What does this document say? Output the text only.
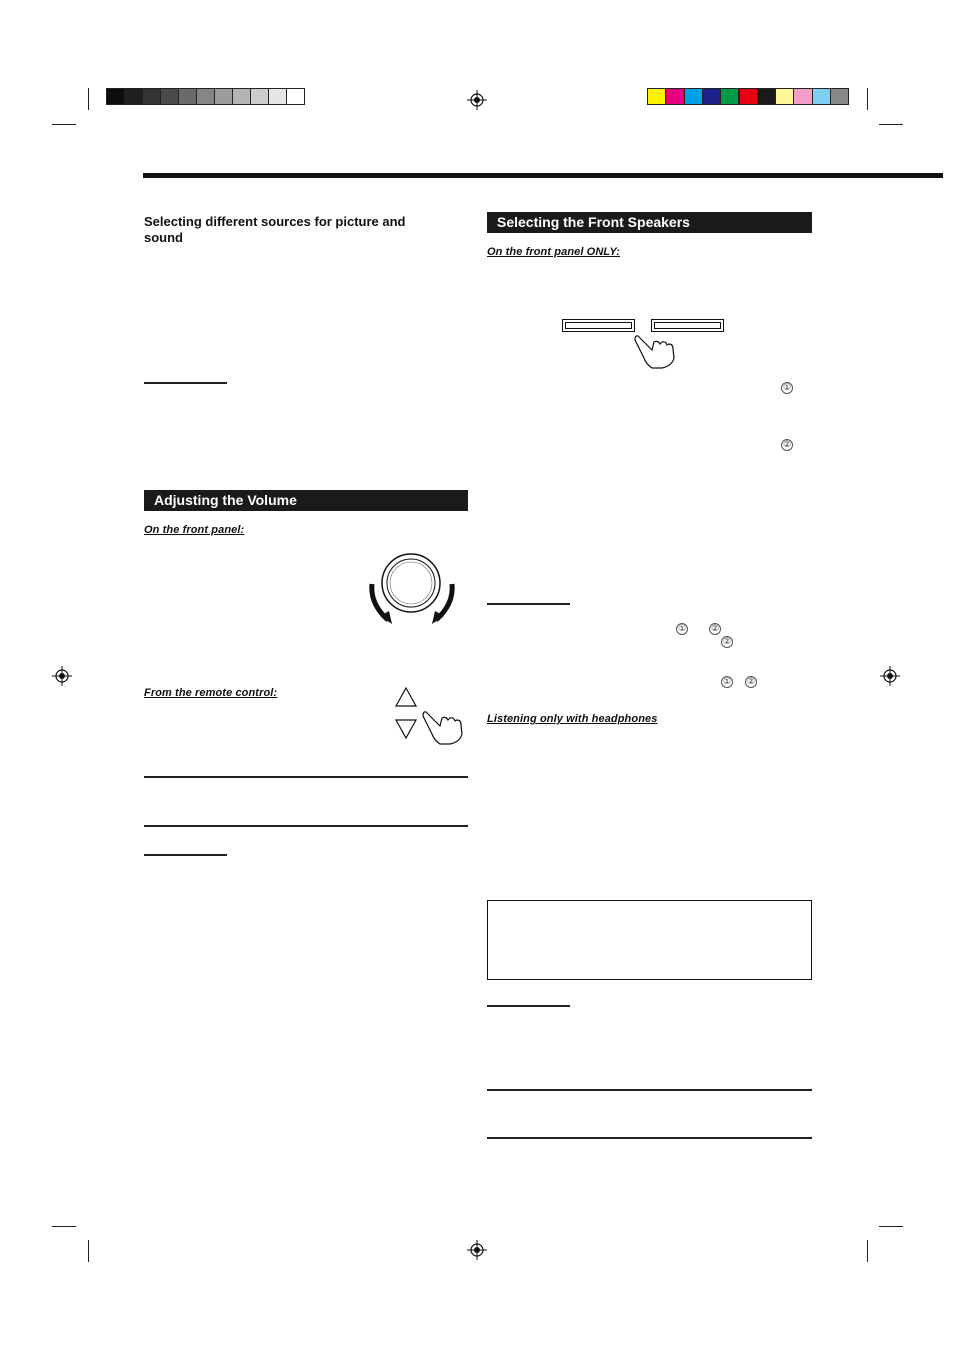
Selecting different sources for picture and sound
Adjusting the Volume
On the front panel:
From the remote control:
Selecting the Front Speakers
On the front panel ONLY:
①
②
①	②
②
① ②
Listening only with headphones
